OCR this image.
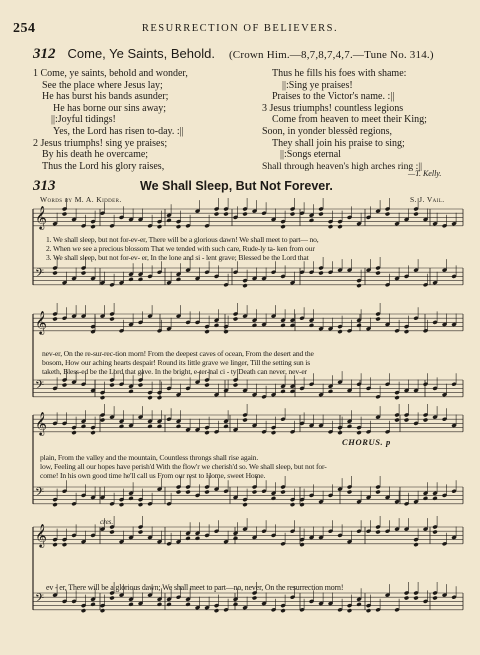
254	RESURRECTION OF BELIEVERS.
312 Come, Ye Saints, Behold. (Crown Him.—8,7,8,7,4,7.—Tune No. 314.)
1 Come, ye saints, behold and wonder,
See the place where Jesus lay;
He has burst his bands asunder;
He has borne our sins away;
||:Joyful tidings!
Yes, the Lord has risen to-day. :||
2 Jesus triumphs! sing ye praises;
By his death he overcame;
Thus the Lord his glory raises,
Thus he fills his foes with shame:
||:Sing ye praises!
Praises to the Victor's name. :||
3 Jesus triumphs! countless legions
Come from heaven to meet their King;
Soon, in yonder blessèd regions,
They shall join his praise to sing;
||:Songs eternal
Shall through heaven's high arches ring :||
—T. Kelly.
313	We Shall Sleep, But Not Forever.
Words by M. A. Kidder.	S. J. Vail.
𝄞
𝄢
𝄞
𝄢
𝄞
𝄢
𝄞
𝄢
1. We shall sleep, but not for-ev-er, There will be a glorious dawn! We shall meet to part— no,
2. When we see a precious blossom That we tended with such care, Rude-ly ta- ken from our
3. We shall sleep, but not for-ev- er, In the lone and si - lent grave; Blessed be the Lord that
nev-er, On the re-sur-rec-tion morn! From the deepest caves of ocean, From the desert and the
bosom, How our aching hearts despair! Round its little grave we linger, Till the setting sun is
taketh, Bless-ed be the Lord that gave. In the bright, e-ter-nal ci - ty Death can never, nev-er
CHORUS. p
plain, From the valley and the mountain, Countless throngs shall rise again.
low, Feeling all our hopes have perish'd With the flow'r we cherish'd so. We shall sleep, but not for-
come! In his own good time he'll call us From our rest to Home, sweet Home.
cres.
ev - er, There will be a glorious dawn; We shall meet to part—no, never, On the resurrection morn!
